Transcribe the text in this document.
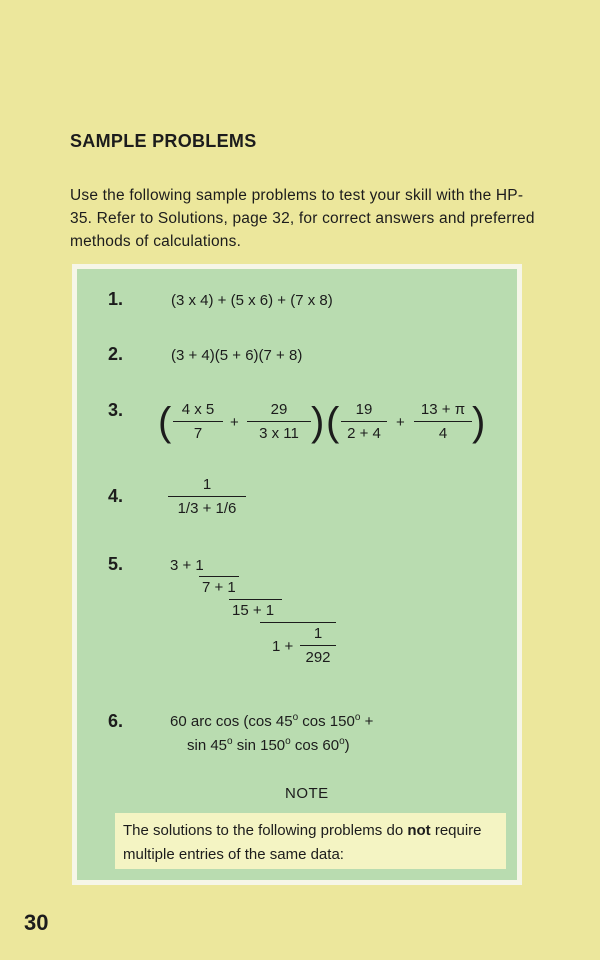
SAMPLE PROBLEMS

Use the following sample problems to test your skill with the HP-35. Refer to Solutions, page 32, for correct answers and preferred methods of calculations.

1.	(3 x 4) + (5 x 6) + (7 x 8)
2.	(3 + 4)(5 + 6)(7 + 8)
3. ( $\frac{4 x 5}{7} + \frac{29}{3 x 11}$ ) ( $\frac{19}{2 + 4} + \frac{13 + \pi}{4}$ )
4.	$\frac{1}{1/3 + 1/6}$
5.	3 + 1
7 + 1
15 + 1
$1 + \frac{1}{292}$
6.	60 arc cos (cos 45$^o$ $\cos 150^o$ +
sin 45$^o$ sin 150$^o$ cos 60$^o$)
NOTE
The solutions to the following problems do not require multiple entries of the same data:
30
